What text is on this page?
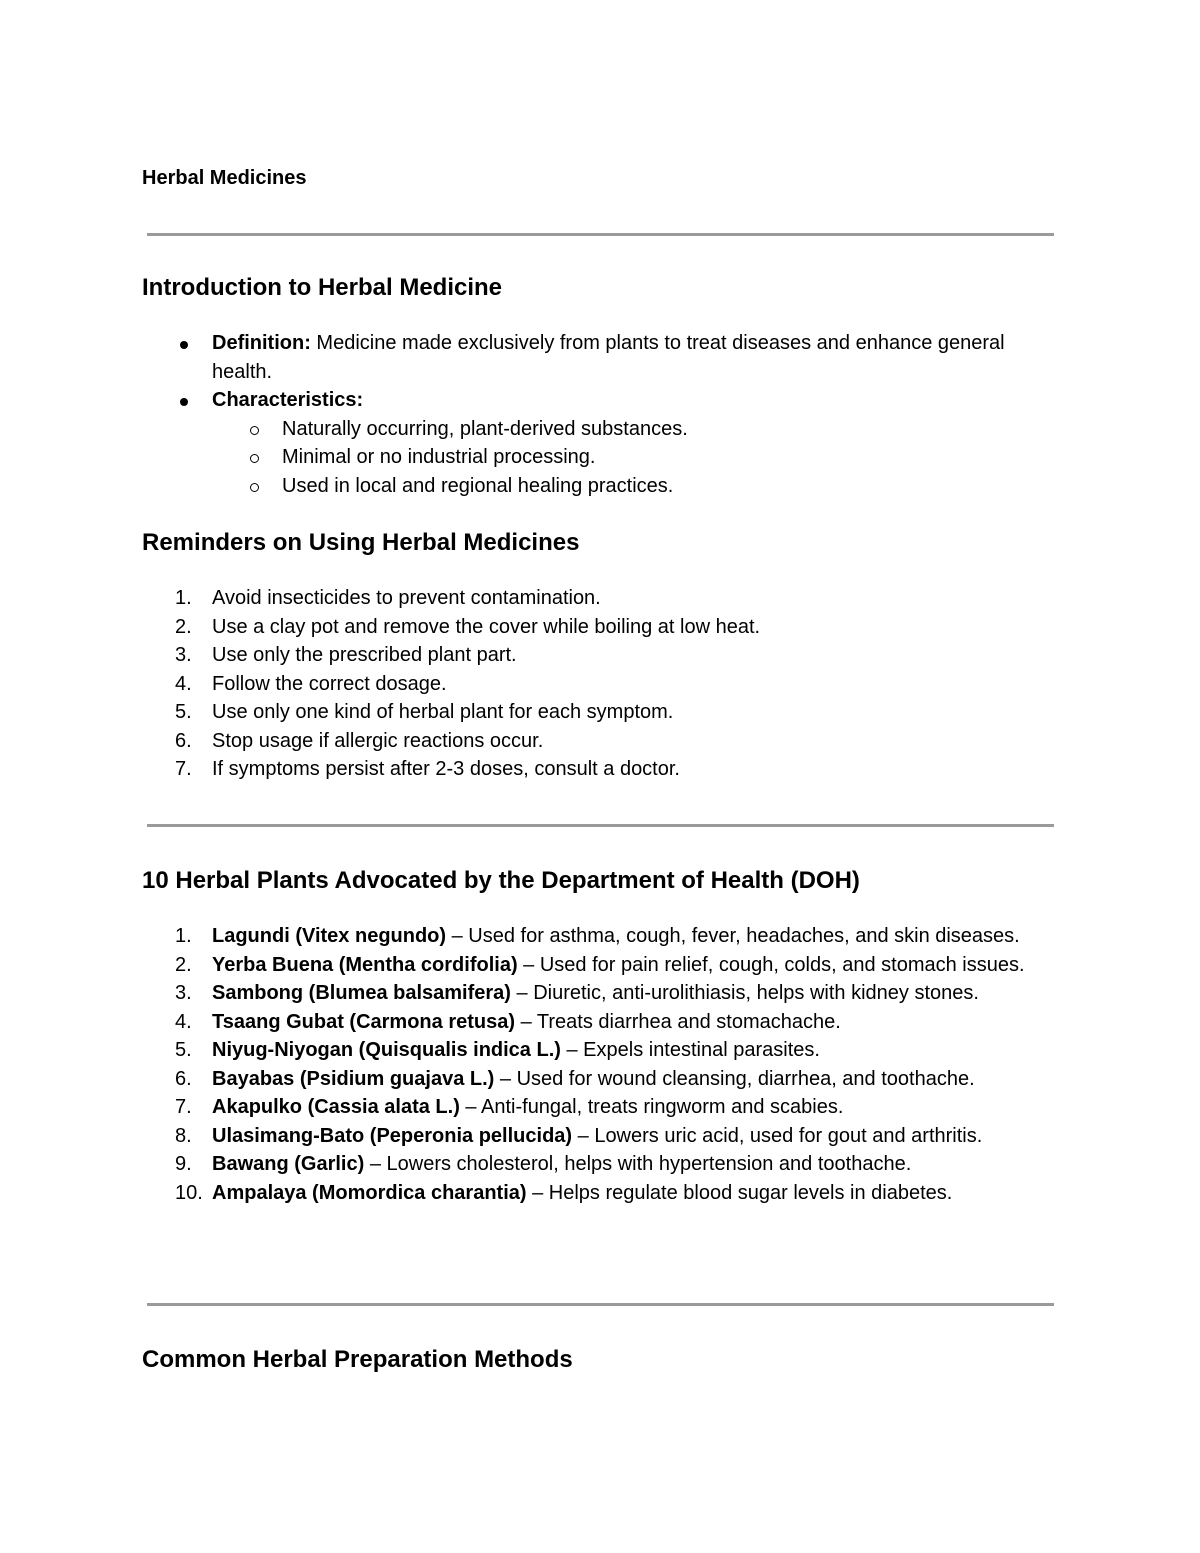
Herbal Medicines
Introduction to Herbal Medicine
Definition: Medicine made exclusively from plants to treat diseases and enhance general health.
Characteristics:
Naturally occurring, plant-derived substances.
Minimal or no industrial processing.
Used in local and regional healing practices.
Reminders on Using Herbal Medicines
1.	Avoid insecticides to prevent contamination.
2.	Use a clay pot and remove the cover while boiling at low heat.
3.	Use only the prescribed plant part.
4.	Follow the correct dosage.
5.	Use only one kind of herbal plant for each symptom.
6.	Stop usage if allergic reactions occur.
7.	If symptoms persist after 2-3 doses, consult a doctor.
10 Herbal Plants Advocated by the Department of Health (DOH)
1.	Lagundi (Vitex negundo) – Used for asthma, cough, fever, headaches, and skin diseases.
2.	Yerba Buena (Mentha cordifolia) – Used for pain relief, cough, colds, and stomach issues.
3.	Sambong (Blumea balsamifera) – Diuretic, anti-urolithiasis, helps with kidney stones.
4.	Tsaang Gubat (Carmona retusa) – Treats diarrhea and stomachache.
5.	Niyug-Niyogan (Quisqualis indica L.) – Expels intestinal parasites.
6.	Bayabas (Psidium guajava L.) – Used for wound cleansing, diarrhea, and toothache.
7.	Akapulko (Cassia alata L.) – Anti-fungal, treats ringworm and scabies.
8.	Ulasimang-Bato (Peperonia pellucida) – Lowers uric acid, used for gout and arthritis.
9.	Bawang (Garlic) – Lowers cholesterol, helps with hypertension and toothache.
10. Ampalaya (Momordica charantia) – Helps regulate blood sugar levels in diabetes.
Common Herbal Preparation Methods
